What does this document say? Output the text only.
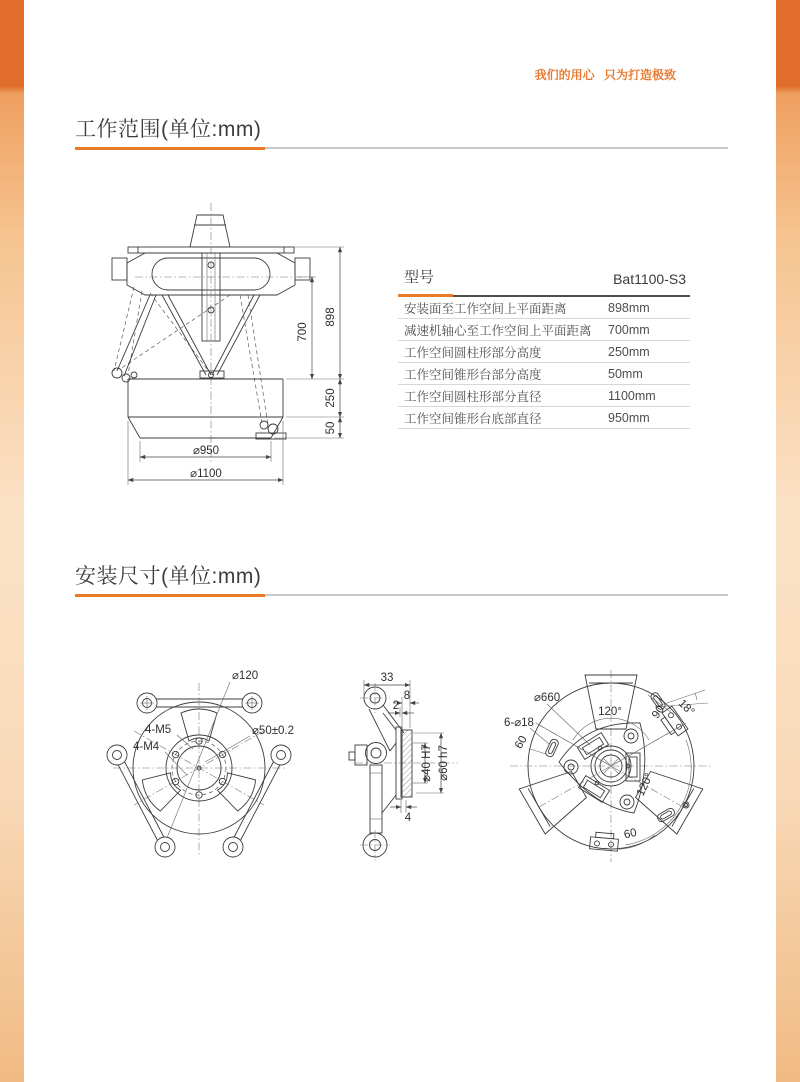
我们的用心 只为打造极致
工作范围(单位:mm)
898
700
250
50
⌀950
⌀1100
型号	Bat1100-S3
安装面至工作空间上平面距离	898mm
减速机轴心至工作空间上平面距离	700mm
工作空间圆柱形部分高度	250mm
工作空间锥形台部分高度	50mm
工作空间圆柱形部分直径	1100mm
工作空间锥形台底部直径	950mm
安装尺寸(单位:mm)
⌀120
⌀50±0.2
4-M5
4-M4
33
8
2
⌀40 H7 ⌀60 h7
4
⌀660
6-⌀18
120°	18°
90
60
120°
60
